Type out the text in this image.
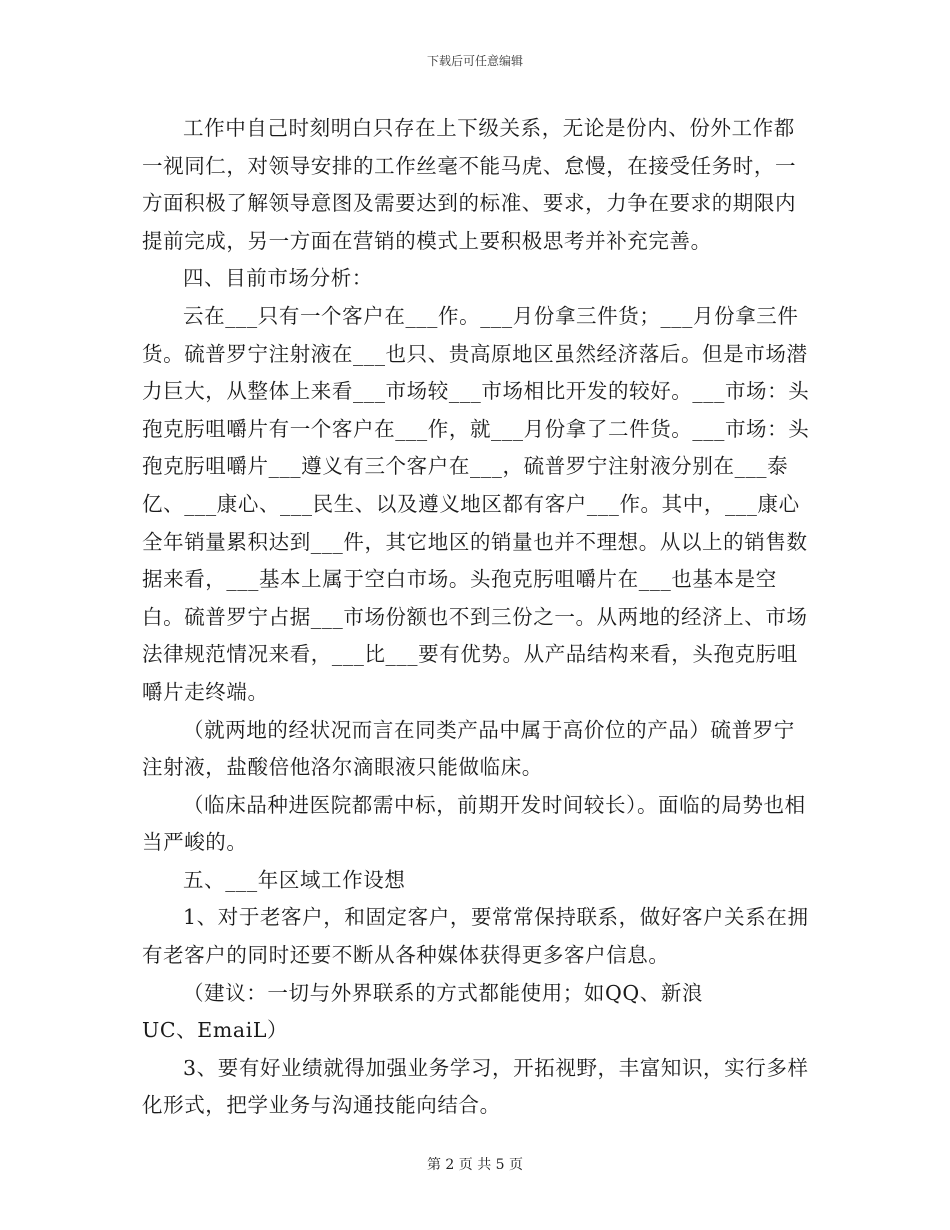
下载后可任意编辑

工作中自己时刻明白只存在上下级关系，无论是份内、份外工作都一视同仁，对领导安排的工作丝毫不能马虎、怠慢，在接受任务时，一方面积极了解领导意图及需要达到的标准、要求，力争在要求的期限内提前完成，另一方面在营销的模式上要积极思考并补充完善。

四、目前市场分析：

云在___只有一个客户在___作。___月份拿三件货；___月份拿三件货。硫普罗宁注射液在___也只、贵高原地区虽然经济落后。但是市场潜力巨大，从整体上来看___市场较___市场相比开发的较好。___市场：头孢克肟咀嚼片有一个客户在___作，就___月份拿了二件货。___市场：头孢克肟咀嚼片___遵义有三个客户在___，硫普罗宁注射液分别在___泰亿、___康心、___民生、以及遵义地区都有客户___作。其中，___康心全年销量累积达到___件，其它地区的销量也并不理想。从以上的销售数据来看，___基本上属于空白市场。头孢克肟咀嚼片在___也基本是空白。硫普罗宁占据___市场份额也不到三份之一。从两地的经济上、市场法律规范情况来看，___比___要有优势。从产品结构来看，头孢克肟咀嚼片走终端。

（就两地的经状况而言在同类产品中属于高价位的产品）硫普罗宁注射液，盐酸倍他洛尔滴眼液只能做临床。

（临床品种进医院都需中标，前期开发时间较长）。面临的局势也相当严峻的。

五、___年区域工作设想

1、对于老客户，和固定客户，要常常保持联系，做好客户关系在拥有老客户的同时还要不断从各种媒体获得更多客户信息。

（建议：一切与外界联系的方式都能使用；如QQ、新浪

UC、EmaiL）

3、要有好业绩就得加强业务学习，开拓视野，丰富知识，实行多样化形式，把学业务与沟通技能向结合。

第 2 页 共 5 页
